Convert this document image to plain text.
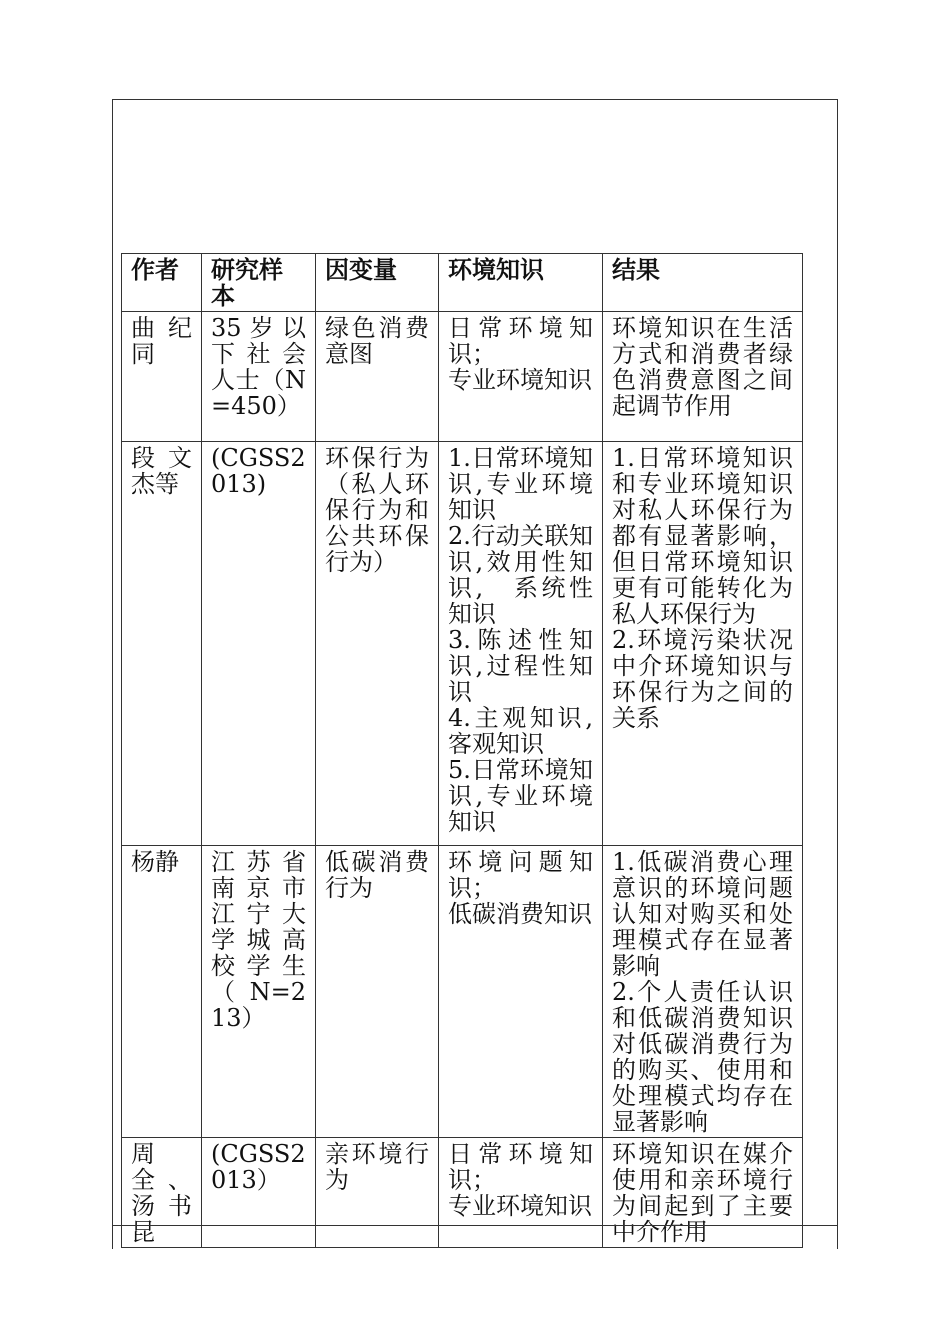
作者	研究样本	因变量	环境知识	结果

曲纪同	35岁以下社会人士（N=450）	绿色消费意图	日常环境知识；
专业环境知识	环境知识在生活方式和消费者绿色消费意图之间起调节作用

段文杰等	(CGSS2013)	环保行为（私人环保行为和公共环保行为）	1.日常环境知识,专业环境知识
2.行动关联知识,效用性知识,　系统性知识
3.陈述性知识,过程性知识
4.主观知识,客观知识
5.日常环境知识,专业环境知识	1.日常环境知识和专业环境知识对私人环保行为都有显著影响，但日常环境知识更有可能转化为私人环保行为
2.环境污染状况中介环境知识与环保行为之间的关系

杨静	江苏省南京市江宁大学城高校学生（N=213）	低碳消费行为	环境问题知识；
低碳消费知识	1.低碳消费心理意识的环境问题认知对购买和处理模式存在显著影响
2.个人责任认识和低碳消费知识对低碳消费行为的购买、使用和处理模式均存在显著影响

周全、汤书昆	(CGSS2013）	亲环境行为	日常环境知识；
专业环境知识	环境知识在媒介使用和亲环境行为间起到了主要中介作用
